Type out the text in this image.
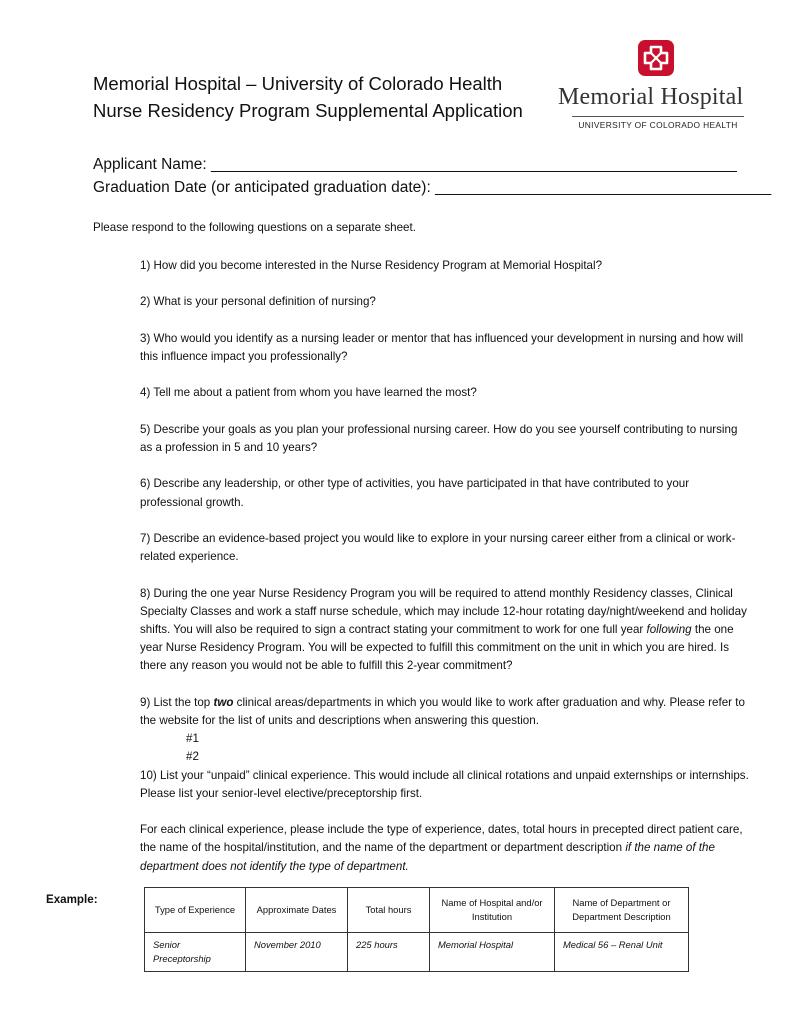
Memorial Hospital – University of Colorado Health
Nurse Residency Program Supplemental Application
Memorial Hospital
UNIVERSITY OF COLORADO HEALTH
Applicant Name: _____________________________________________________________
Graduation Date (or anticipated graduation date): _______________________________________
Please respond to the following questions on a separate sheet.

1) How did you become interested in the Nurse Residency Program at Memorial Hospital?

2) What is your personal definition of nursing?

3) Who would you identify as a nursing leader or mentor that has influenced your development in nursing and how will this influence impact you professionally?

4) Tell me about a patient from whom you have learned the most?

5) Describe your goals as you plan your professional nursing career. How do you see yourself contributing to nursing as a profession in 5 and 10 years?

6) Describe any leadership, or other type of activities, you have participated in that have contributed to your professional growth.

7) Describe an evidence-based project you would like to explore in your nursing career either from a clinical or work-related experience.

8) During the one year Nurse Residency Program you will be required to attend monthly Residency classes, Clinical Specialty Classes and work a staff nurse schedule, which may include 12-hour rotating day/night/weekend and holiday shifts. You will also be required to sign a contract stating your commitment to work for one full year following the one year Nurse Residency Program. You will be expected to fulfill this commitment on the unit in which you are hired. Is there any reason you would not be able to fulfill this 2-year commitment?

9) List the top two clinical areas/departments in which you would like to work after graduation and why. Please refer to the website for the list of units and descriptions when answering this question.

#1
#2

10) List your “unpaid” clinical experience. This would include all clinical rotations and unpaid externships or internships. Please list your senior-level elective/preceptorship first.

For each clinical experience, please include the type of experience, dates, total hours in precepted direct patient care, the name of the hospital/institution, and the name of the department or department description if the name of the department does not identify the type of department.

Example:
Type of Experience	Approximate Dates	Total hours	Name of Hospital and/or Institution	Name of Department or Department Description
Senior Preceptorship	November 2010	225 hours	Memorial Hospital	Medical 56 – Renal Unit
